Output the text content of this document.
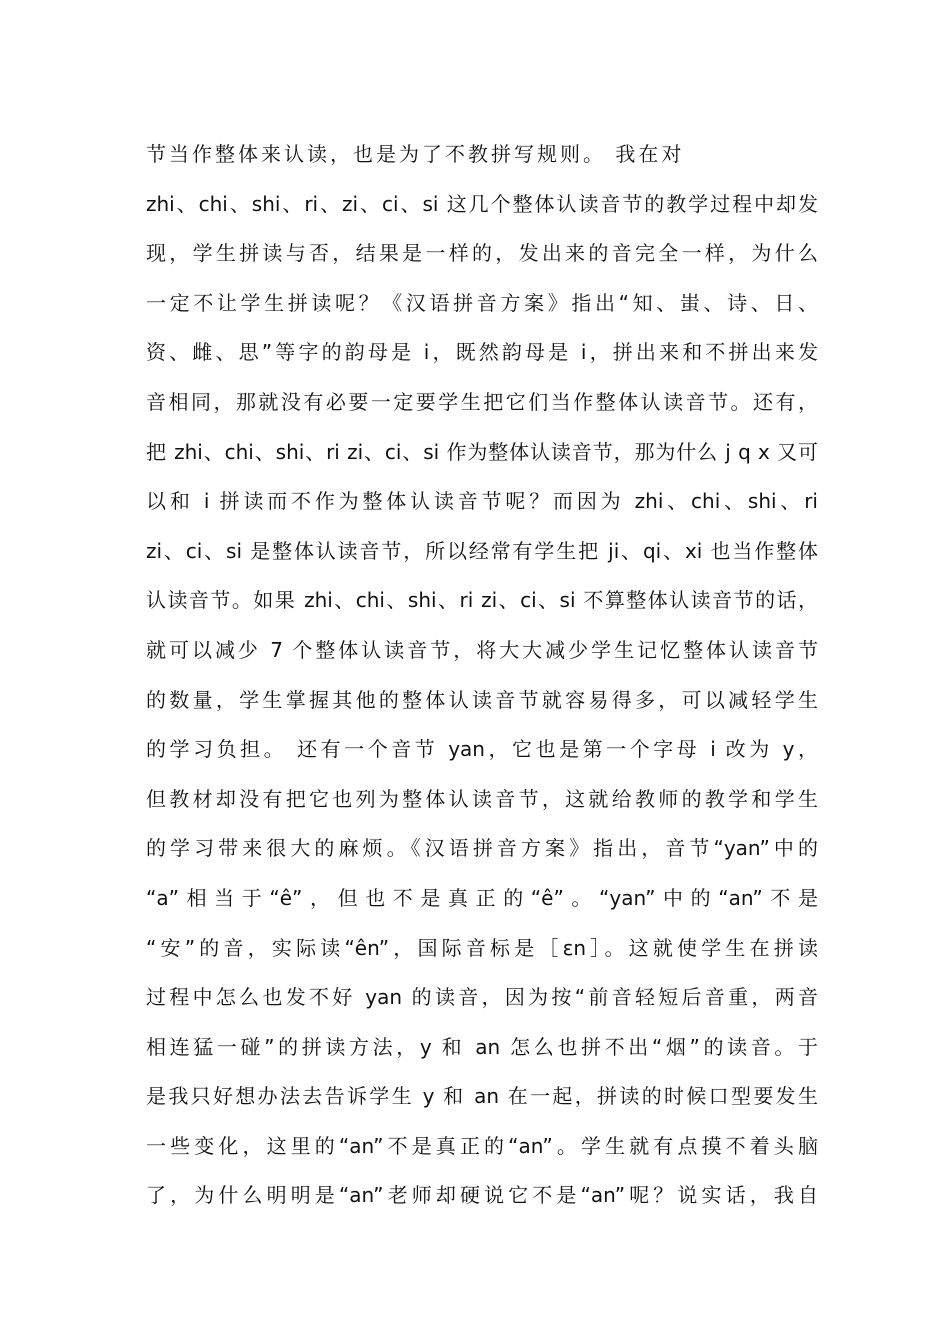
节当作整体来认读，也是为了不教拼写规则。 我在对
zhi、chi、shi、ri、zi、ci、si 这几个整体认读音节的教学过程中却发
现，学生拼读与否，结果是一样的，发出来的音完全一样，为什么
一定不让学生拼读呢？《汉语拼音方案》指出“知、蚩、诗、日、
资、雌、思”等字的韵母是 i，既然韵母是 i，拼出来和不拼出来发
音相同，那就没有必要一定要学生把它们当作整体认读音节。还有，
把 zhi、chi、shi、ri zi、ci、si 作为整体认读音节，那为什么 j q x 又可
以和 i 拼读而不作为整体认读音节呢？而因为 zhi、chi、shi、ri
zi、ci、si 是整体认读音节，所以经常有学生把 ji、qi、xi 也当作整体
认读音节。如果 zhi、chi、shi、ri zi、ci、si 不算整体认读音节的话，
就可以减少 7 个整体认读音节，将大大减少学生记忆整体认读音节
的数量，学生掌握其他的整体认读音节就容易得多，可以减轻学生
的学习负担。 还有一个音节 yan，它也是第一个字母 i 改为 y，
但教材却没有把它也列为整体认读音节，这就给教师的教学和学生
的学习带来很大的麻烦。《汉语拼音方案》指出，音节“yan”中的
“a”相当于“ê”，但也不是真正的“ê”。“yan”中的“an”不是
“安”的音，实际读“ên”，国际音标是［εn］。这就使学生在拼读
过程中怎么也发不好 yan 的读音，因为按“前音轻短后音重，两音
相连猛一碰”的拼读方法，y 和 an 怎么也拼不出“烟”的读音。于
是我只好想办法去告诉学生 y 和 an 在一起，拼读的时候口型要发生
一些变化，这里的“an”不是真正的“an”。学生就有点摸不着头脑
了，为什么明明是“an”老师却硬说它不是“an”呢？说实话，我自
